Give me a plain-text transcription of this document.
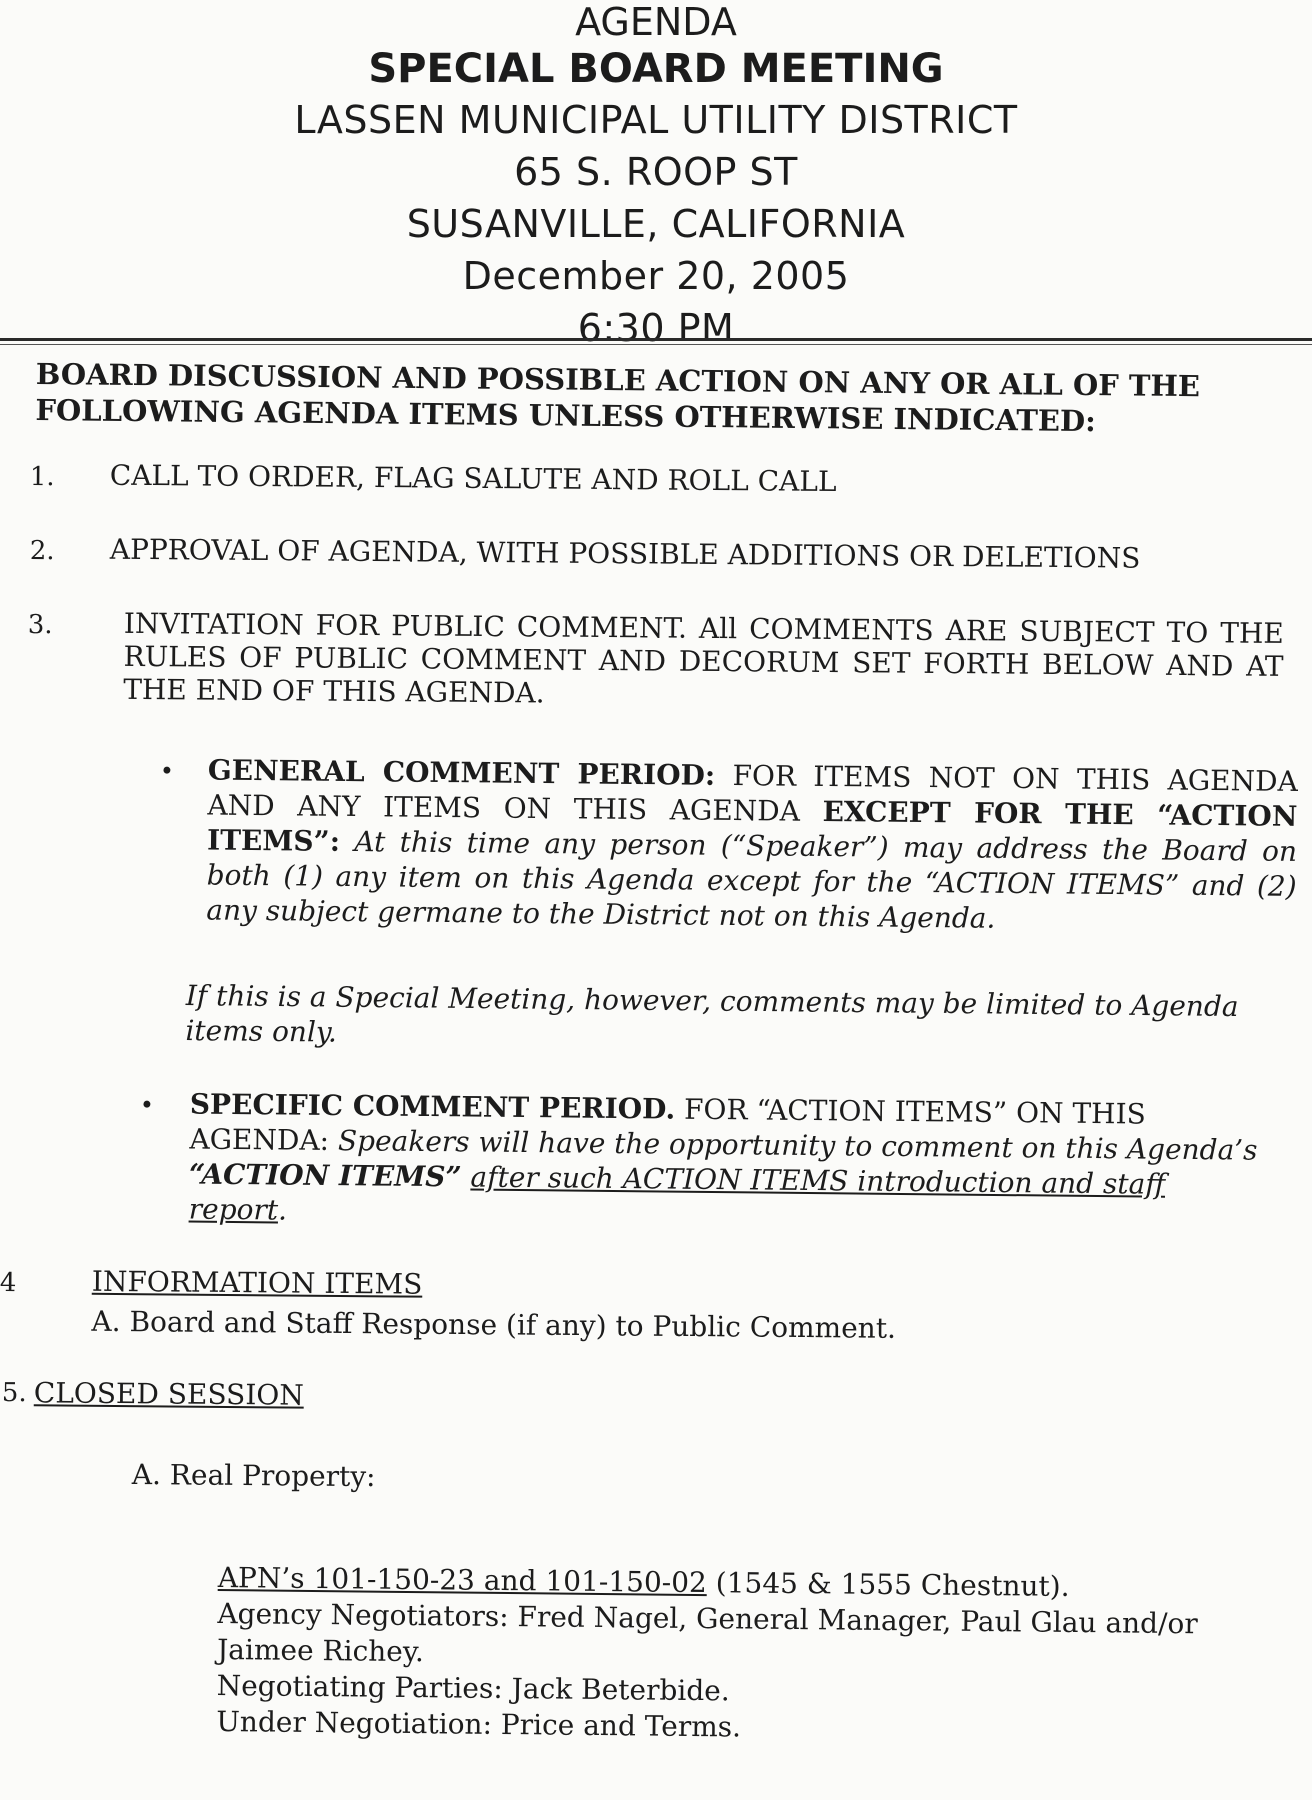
AGENDA
SPECIAL BOARD MEETING
LASSEN MUNICIPAL UTILITY DISTRICT
65 S. ROOP ST
SUSANVILLE, CALIFORNIA
December 20, 2005
6:30 PM
BOARD DISCUSSION AND POSSIBLE ACTION ON ANY OR ALL OF THE FOLLOWING AGENDA ITEMS UNLESS OTHERWISE INDICATED:
1. CALL TO ORDER, FLAG SALUTE AND ROLL CALL
2. APPROVAL OF AGENDA, WITH POSSIBLE ADDITIONS OR DELETIONS
3.	INVITATION FOR PUBLIC COMMENT. All COMMENTS ARE SUBJECT TO THE RULES OF PUBLIC COMMENT AND DECORUM SET FORTH BELOW AND AT THE END OF THIS AGENDA.
• GENERAL COMMENT PERIOD: FOR ITEMS NOT ON THIS AGENDA AND ANY ITEMS ON THIS AGENDA EXCEPT FOR THE “ACTION ITEMS”: At this time any person (“Speaker”) may address the Board on both (1) any item on this Agenda except for the “ACTION ITEMS” and (2) any subject germane to the District not on this Agenda.
If this is a Special Meeting, however, comments may be limited to Agenda items only.
• SPECIFIC COMMENT PERIOD. FOR “ACTION ITEMS” ON THIS AGENDA: Speakers will have the opportunity to comment on this Agenda’s “ACTION ITEMS” after such ACTION ITEMS introduction and staff report.
4	INFORMATION ITEMS
A. Board and Staff Response (if any) to Public Comment.
5. CLOSED SESSION
A. Real Property:
APN’s 101-150-23 and 101-150-02 (1545 & 1555 Chestnut).
Agency Negotiators: Fred Nagel, General Manager, Paul Glau and/or Jaimee Richey.
Negotiating Parties: Jack Beterbide.
Under Negotiation: Price and Terms.
